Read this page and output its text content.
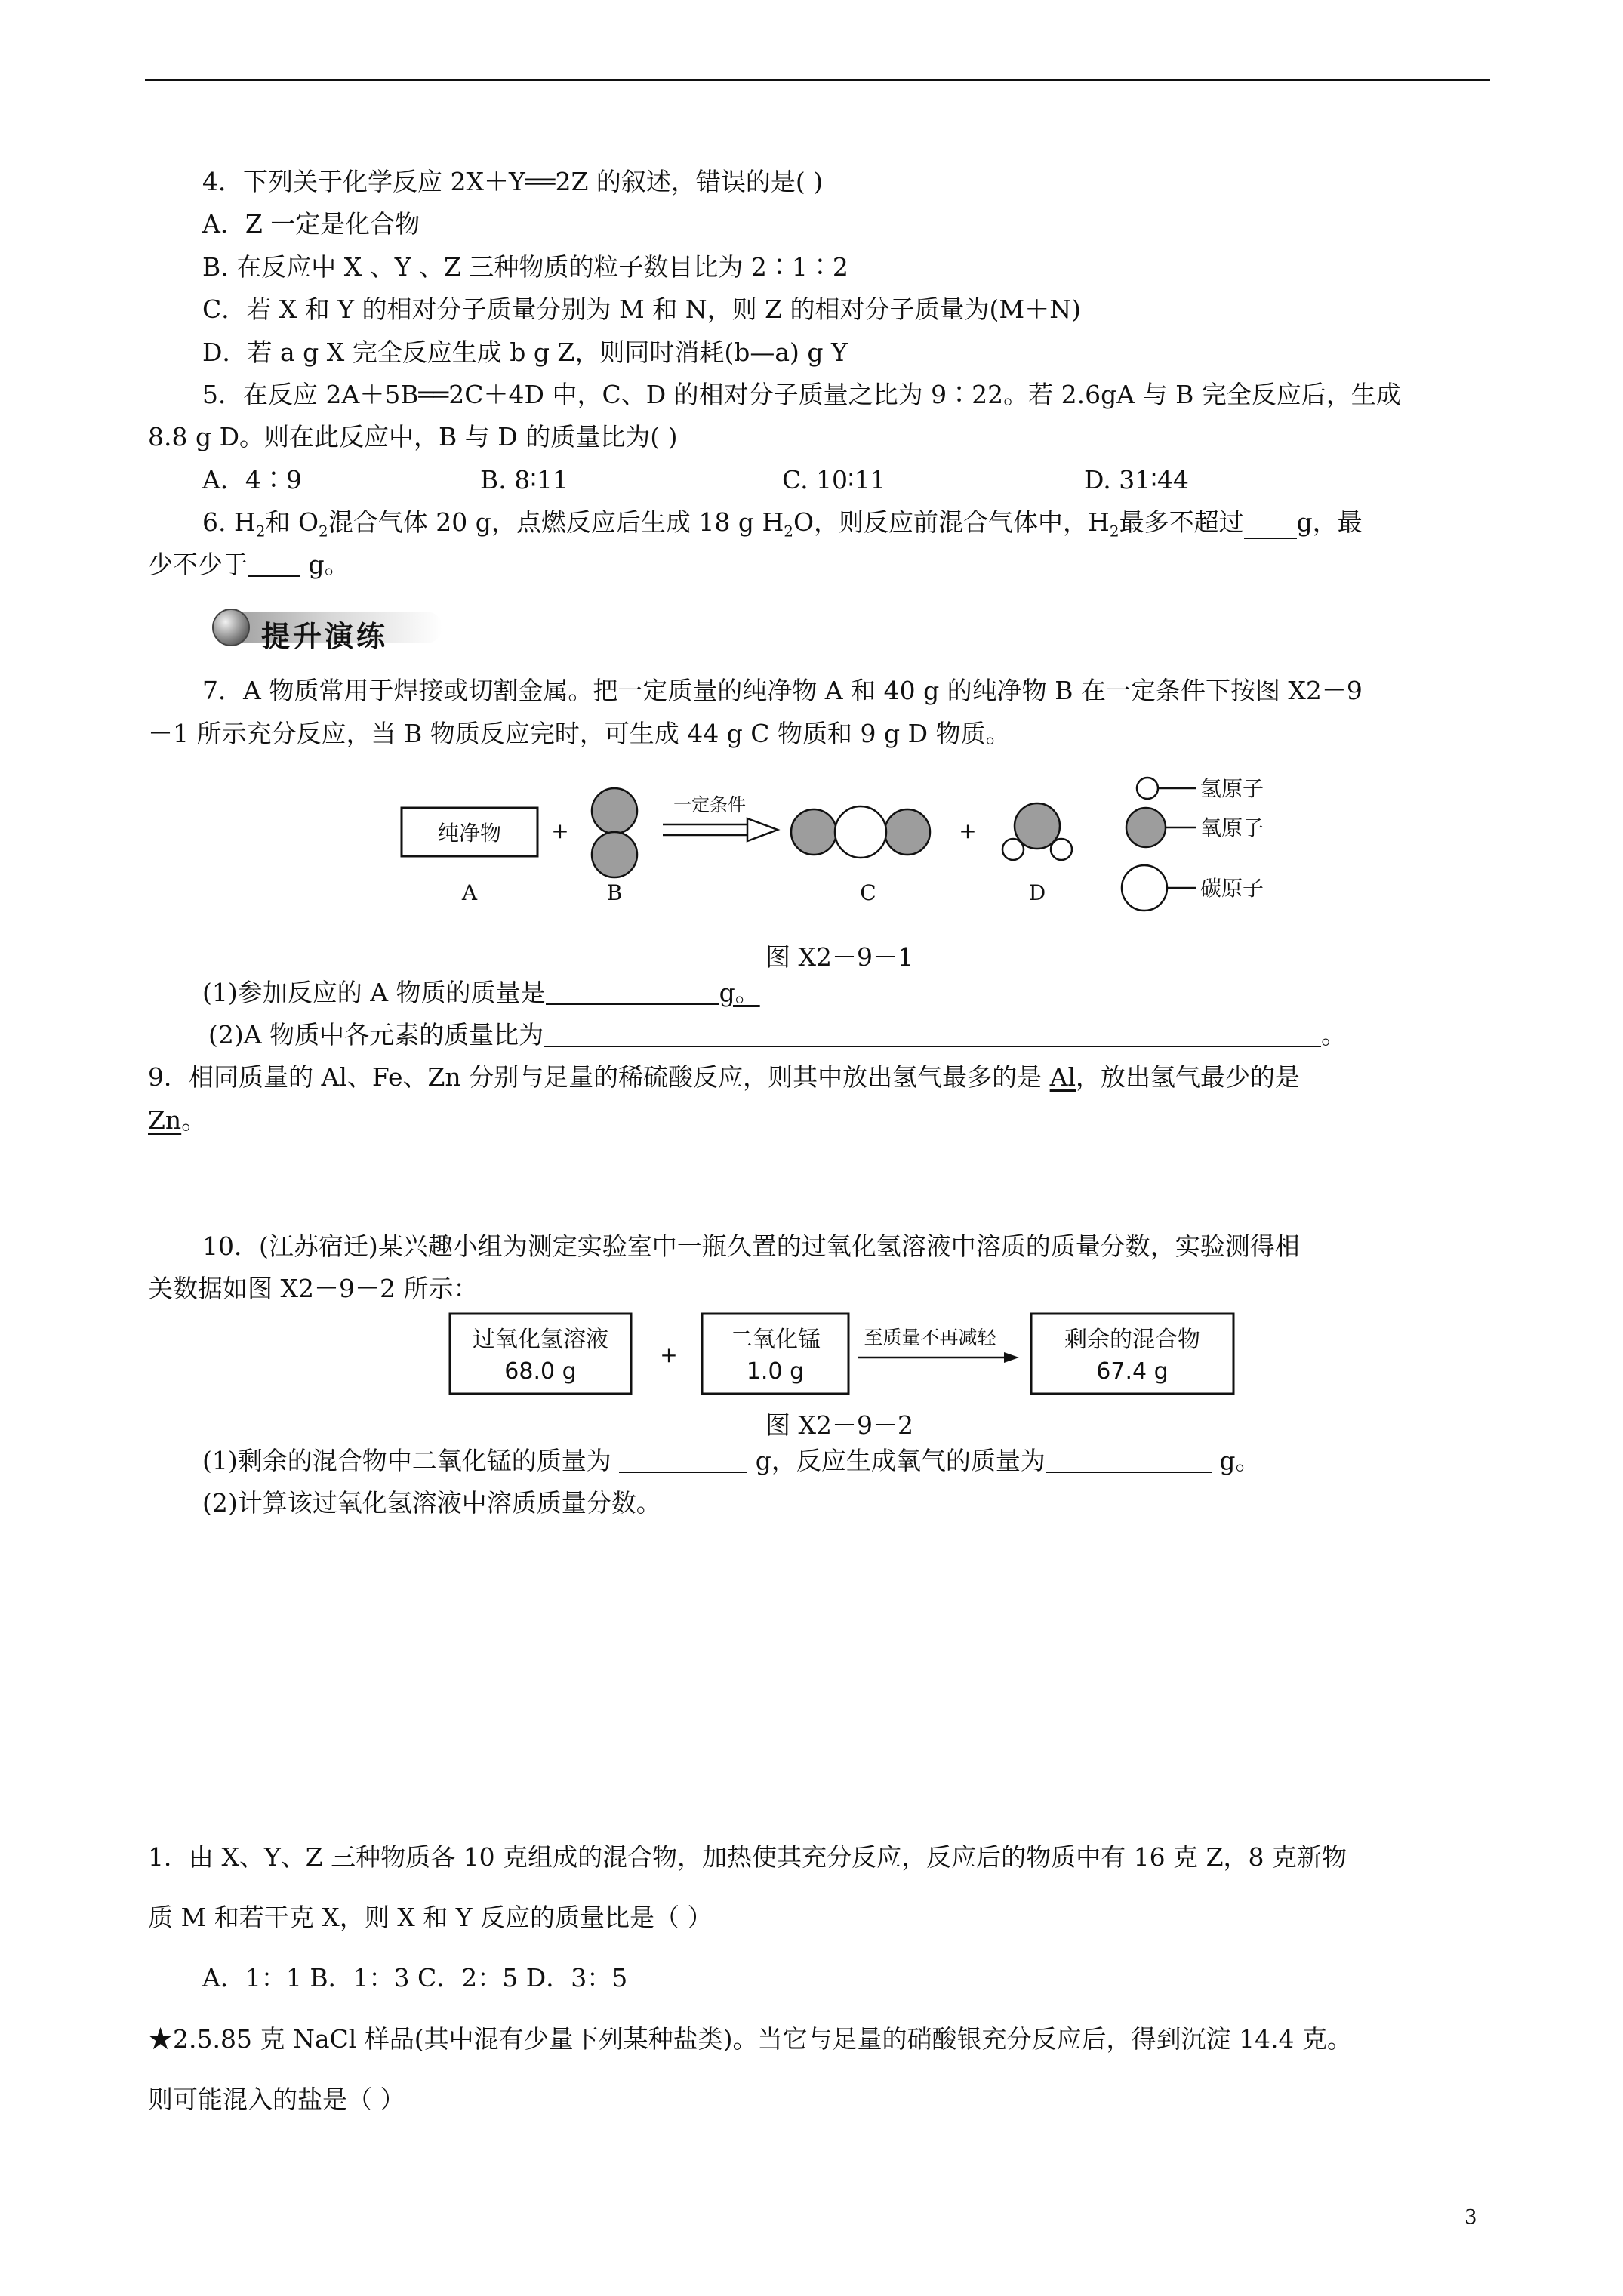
4．下列关于化学反应 2X＋Y══2Z 的叙述，错误的是( )
A．Z 一定是化合物
B. 在反应中 X 、Y 、Z 三种物质的粒子数目比为 2∶1∶2
C．若 X 和 Y 的相对分子质量分别为 M 和 N，则 Z 的相对分子质量为(M＋N)
D．若 a g X 完全反应生成 b g Z，则同时消耗(b—a) g Y
5．在反应 2A＋5B══2C＋4D 中，C、D 的相对分子质量之比为 9∶22。若 2.6gA 与 B 完全反应后，生成
8.8 g D。则在此反应中，B 与 D 的质量比为( )
A．4∶9	B. 8∶11	C. 10∶11	D. 31∶44
6. $H_2$和 $O_2$混合气体 20 g，点燃反应后生成 18 g $H_2O$，则反应前混合气体中，$H_2$最多不超过 g，最
少不少于 g。
提升演练
7．A 物质常用于焊接或切割金属。把一定质量的纯净物 A 和 40 g 的纯净物 B 在一定条件下按图 X2－9
－1 所示充分反应，当 B 物质反应完时，可生成 44 g C 物质和 9 g D 物质。
纯净物 +
一定条件
+
A	B	C	D
氢原子
氧原子
碳原子
图 X2－9－1
(1)参加反应的 A 物质的质量是	g。
(2)A 物质中各元素的质量比为	。
9．相同质量的 Al、Fe、Zn 分别与足量的稀硫酸反应，则其中放出氢气最多的是 Al，放出氢气最少的是
Zn。
10．(江苏宿迁)某兴趣小组为测定实验室中一瓶久置的过氧化氢溶液中溶质的质量分数，实验测得相
关数据如图 X2－9－2 所示：
过氧化氢溶液
68.0 g
+
二氧化锰
1.0 g
至质量不再减轻	剩余的混合物
67.4 g
图 X2－9－2
(1)剩余的混合物中二氧化锰的质量为	g，反应生成氧气的质量为	g。
(2)计算该过氧化氢溶液中溶质质量分数。
1．由 X、Y、Z 三种物质各 10 克组成的混合物，加热使其充分反应，反应后的物质中有 16 克 Z，8 克新物
质 M 和若干克 X，则 X 和 Y 反应的质量比是（ ）
A．1：1 B．1：3 C．2：5 D．3：5
★2.5.85 克 NaCl 样品(其中混有少量下列某种盐类)。当它与足量的硝酸银充分反应后，得到沉淀 14.4 克。
则可能混入的盐是（ ）
3
